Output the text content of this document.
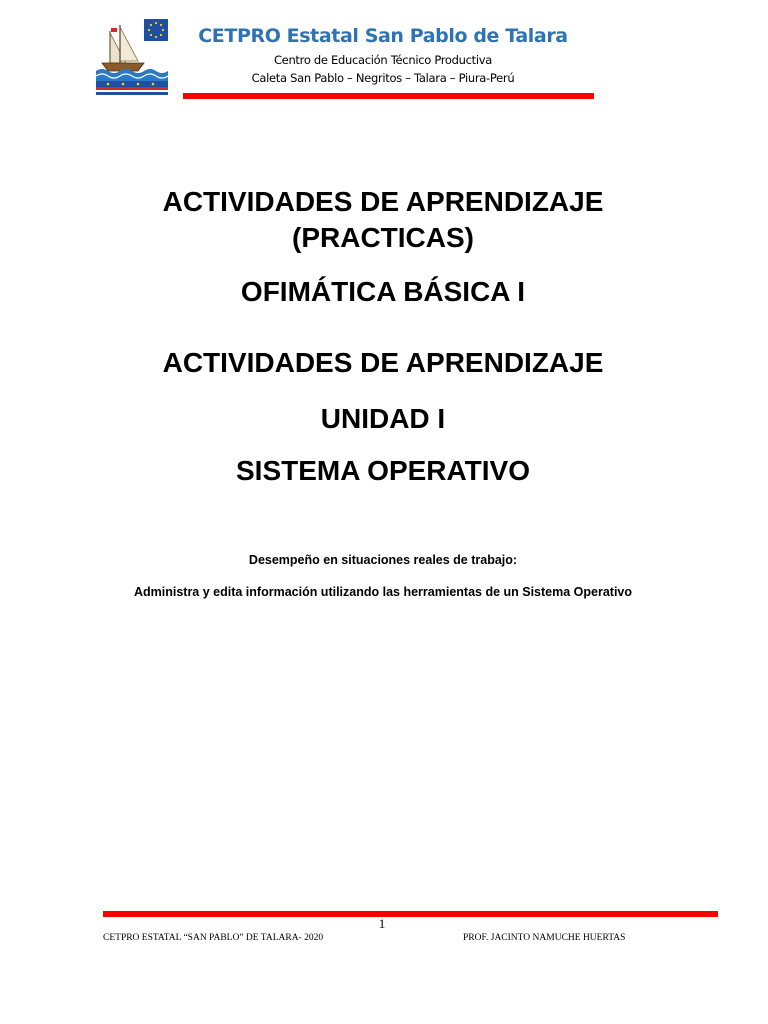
CETPRO Estatal San Pablo de Talara
Centro de Educación Técnico Productiva
Caleta San Pablo – Negritos – Talara – Piura-Perú
ACTIVIDADES DE APRENDIZAJE
(PRACTICAS)
OFIMÁTICA BÁSICA I
ACTIVIDADES DE APRENDIZAJE
UNIDAD I
SISTEMA OPERATIVO
Desempeño en situaciones reales de trabajo:
Administra y edita información utilizando las herramientas de un Sistema Operativo
1
CETPRO ESTATAL “SAN PABLO” DE TALARA- 2020	PROF. JACINTO NAMUCHE HUERTAS
